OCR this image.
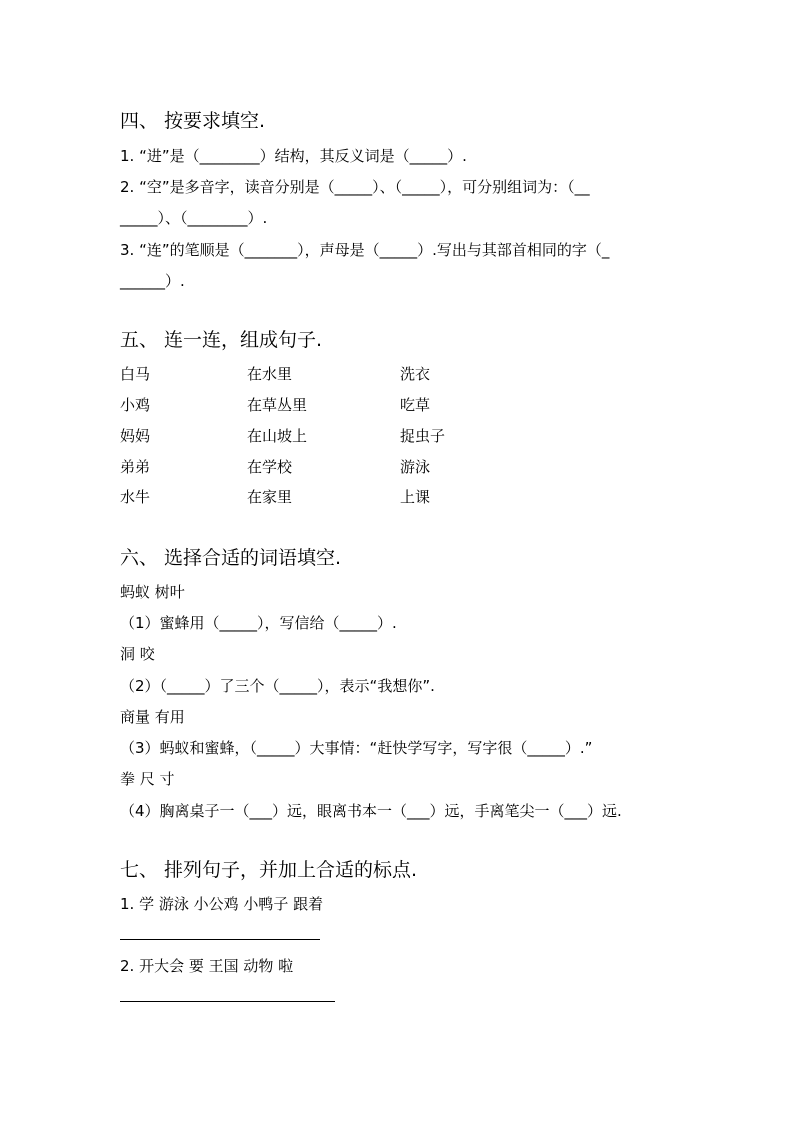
四、 按要求填空.
1. “进”是（________）结构，其反义词是（_____）.
2. “空”是多音字，读音分别是（_____）、（_____），可分别组词为：（__
_____）、（________）.
3. “连”的笔顺是（_______），声母是（_____）.写出与其部首相同的字（_
______）.
五、 连一连，组成句子.
白马	在水里	洗衣
小鸡	在草丛里	吃草
妈妈	在山坡上	捉虫子
弟弟	在学校	游泳
水牛	在家里	上课
六、 选择合适的词语填空.
蚂蚁 树叶
（1）蜜蜂用（_____），写信给（_____）.
洞 咬
（2）（_____）了三个（_____），表示“我想你”.
商量 有用
（3）蚂蚁和蜜蜂，（_____）大事情：“赶快学写字，写字很（_____）.”
拳 尺 寸
（4）胸离桌子一（___）远，眼离书本一（___）远，手离笔尖一（___）远.
七、 排列句子，并加上合适的标点.
1. 学 游泳 小公鸡 小鸭子 跟着
2. 开大会 要 王国 动物 啦
